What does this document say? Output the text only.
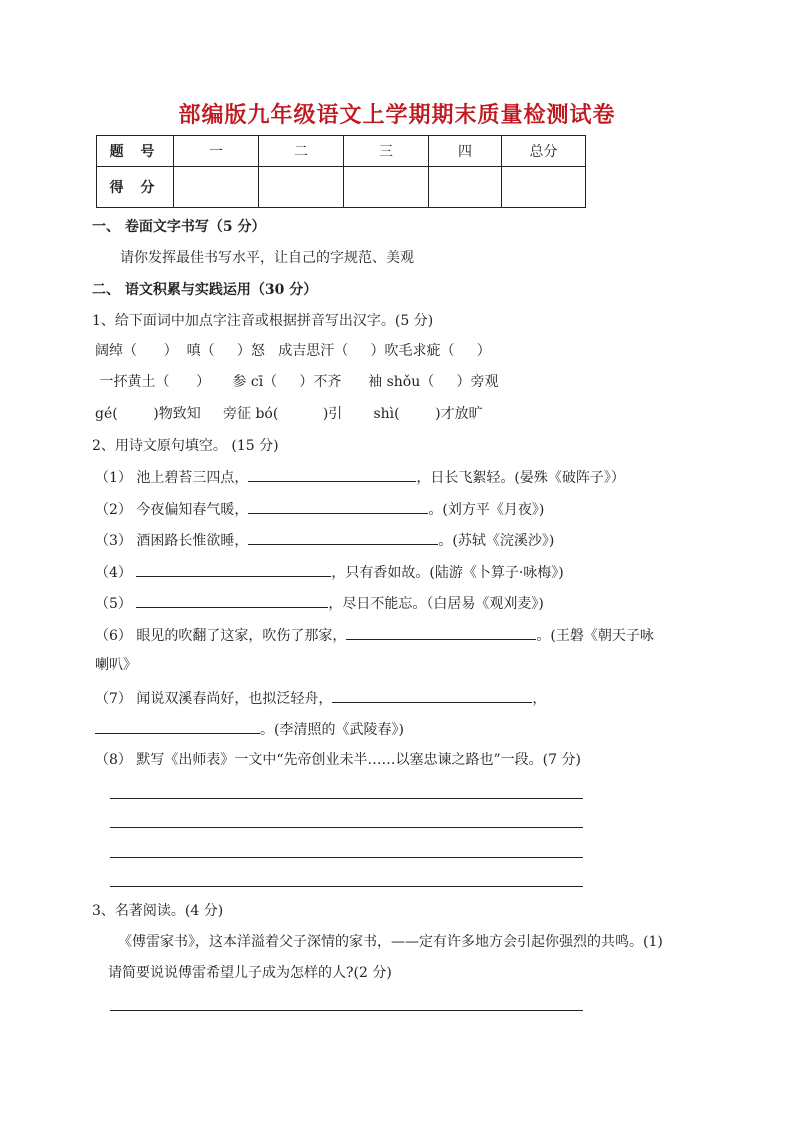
部编版九年级语文上学期期末质量检测试卷
题 号	一	二	三	四	总分
得 分					
一、 卷面文字书写（5 分）
请你发挥最佳书写水平，让自己的字规范、美观
二、 语文积累与实践运用（30 分）
1、给下面词中加点字注音或根据拼音写出汉字。(5 分)
阔绰（      ）  嗔（     ）怒   成吉思汗（     ）吹毛求疵（     ）
一抔黄土（      ）     参 cī（     ）不齐      袖 shǒu（     ）旁观
gé(        )物致知     旁征 bó(          )引       shì(        )才放旷
2、用诗文原句填空。 (15 分)
（1） 池上碧苔三四点，	，日长飞絮轻。(晏殊《破阵子》）
（2） 今夜偏知春气暖，	。(刘方平《月夜》)
（3） 酒困路长惟欲睡，	。(苏轼《浣溪沙》)
（4）	，只有香如故。(陆游《卜算子·咏梅》)
（5）	，尽日不能忘。（白居易《观刈麦》)
（6） 眼见的吹翻了这家，吹伤了那家，	。(王磐《朝天子咏
喇叭》
（7） 闻说双溪春尚好，也拟泛轻舟，	，
。(李清照的《武陵春》)
（8） 默写《出师表》一文中“先帝创业未半……以塞忠谏之路也”一段。(7 分)
3、名著阅读。(4 分)
《傅雷家书》，这本洋溢着父子深情的家书，——定有许多地方会引起你强烈的共鸣。(1)
请简要说说傅雷希望儿子成为怎样的人?(2 分)
